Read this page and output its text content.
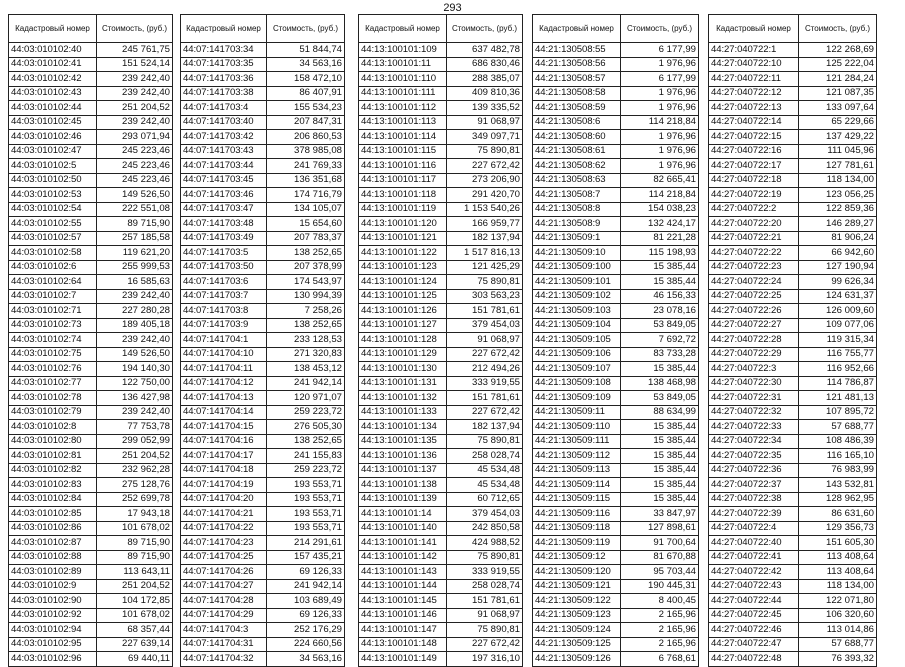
293
Кадастровый номер	Стоимость, (руб.)
44:03:010102:40	245 761,75
44:03:010102:41	151 524,14
44:03:010102:42	239 242,40
44:03:010102:43	239 242,40
44:03:010102:44	251 204,52
44:03:010102:45	239 242,40
44:03:010102:46	293 071,94
44:03:010102:47	245 223,46
44:03:010102:5	245 223,46
44:03:010102:50	245 223,46
44:03:010102:53	149 526,50
44:03:010102:54	222 551,08
44:03:010102:55	89 715,90
44:03:010102:57	257 185,58
44:03:010102:58	119 621,20
44:03:010102:6	255 999,53
44:03:010102:64	16 585,63
44:03:010102:7	239 242,40
44:03:010102:71	227 280,28
44:03:010102:73	189 405,18
44:03:010102:74	239 242,40
44:03:010102:75	149 526,50
44:03:010102:76	194 140,30
44:03:010102:77	122 750,00
44:03:010102:78	136 427,98
44:03:010102:79	239 242,40
44:03:010102:8	77 753,78
44:03:010102:80	299 052,99
44:03:010102:81	251 204,52
44:03:010102:82	232 962,28
44:03:010102:83	275 128,76
44:03:010102:84	252 699,78
44:03:010102:85	17 943,18
44:03:010102:86	101 678,02
44:03:010102:87	89 715,90
44:03:010102:88	89 715,90
44:03:010102:89	113 643,11
44:03:010102:9	251 204,52
44:03:010102:90	104 172,85
44:03:010102:92	101 678,02
44:03:010102:94	68 357,44
44:03:010102:95	227 639,14
44:03:010102:96	69 440,11
Кадастровый номер	Стоимость, (руб.)
44:07:141703:34	51 844,74
44:07:141703:35	34 563,16
44:07:141703:36	158 472,10
44:07:141703:38	86 407,91
44:07:141703:4	155 534,23
44:07:141703:40	207 847,31
44:07:141703:42	206 860,53
44:07:141703:43	378 985,08
44:07:141703:44	241 769,33
44:07:141703:45	136 351,68
44:07:141703:46	174 716,79
44:07:141703:47	134 105,07
44:07:141703:48	15 654,60
44:07:141703:49	207 783,37
44:07:141703:5	138 252,65
44:07:141703:50	207 378,99
44:07:141703:6	174 543,97
44:07:141703:7	130 994,39
44:07:141703:8	7 258,26
44:07:141703:9	138 252,65
44:07:141704:1	233 128,53
44:07:141704:10	271 320,83
44:07:141704:11	138 453,12
44:07:141704:12	241 942,14
44:07:141704:13	120 971,07
44:07:141704:14	259 223,72
44:07:141704:15	276 505,30
44:07:141704:16	138 252,65
44:07:141704:17	241 155,83
44:07:141704:18	259 223,72
44:07:141704:19	193 553,71
44:07:141704:20	193 553,71
44:07:141704:21	193 553,71
44:07:141704:22	193 553,71
44:07:141704:23	214 291,61
44:07:141704:25	157 435,21
44:07:141704:26	69 126,33
44:07:141704:27	241 942,14
44:07:141704:28	103 689,49
44:07:141704:29	69 126,33
44:07:141704:3	252 176,29
44:07:141704:31	224 660,56
44:07:141704:32	34 563,16
Кадастровый номер	Стоимость, (руб.)
44:13:100101:109	637 482,78
44:13:100101:11	686 830,46
44:13:100101:110	288 385,07
44:13:100101:111	409 810,36
44:13:100101:112	139 335,52
44:13:100101:113	91 068,97
44:13:100101:114	349 097,71
44:13:100101:115	75 890,81
44:13:100101:116	227 672,42
44:13:100101:117	273 206,90
44:13:100101:118	291 420,70
44:13:100101:119	1 153 540,26
44:13:100101:120	166 959,77
44:13:100101:121	182 137,94
44:13:100101:122	1 517 816,13
44:13:100101:123	121 425,29
44:13:100101:124	75 890,81
44:13:100101:125	303 563,23
44:13:100101:126	151 781,61
44:13:100101:127	379 454,03
44:13:100101:128	91 068,97
44:13:100101:129	227 672,42
44:13:100101:130	212 494,26
44:13:100101:131	333 919,55
44:13:100101:132	151 781,61
44:13:100101:133	227 672,42
44:13:100101:134	182 137,94
44:13:100101:135	75 890,81
44:13:100101:136	258 028,74
44:13:100101:137	45 534,48
44:13:100101:138	45 534,48
44:13:100101:139	60 712,65
44:13:100101:14	379 454,03
44:13:100101:140	242 850,58
44:13:100101:141	424 988,52
44:13:100101:142	75 890,81
44:13:100101:143	333 919,55
44:13:100101:144	258 028,74
44:13:100101:145	151 781,61
44:13:100101:146	91 068,97
44:13:100101:147	75 890,81
44:13:100101:148	227 672,42
44:13:100101:149	197 316,10
Кадастровый номер	Стоимость, (руб.)
44:21:130508:55	6 177,99
44:21:130508:56	1 976,96
44:21:130508:57	6 177,99
44:21:130508:58	1 976,96
44:21:130508:59	1 976,96
44:21:130508:6	114 218,84
44:21:130508:60	1 976,96
44:21:130508:61	1 976,96
44:21:130508:62	1 976,96
44:21:130508:63	82 665,41
44:21:130508:7	114 218,84
44:21:130508:8	154 038,23
44:21:130508:9	132 424,17
44:21:130509:1	81 221,28
44:21:130509:10	115 198,93
44:21:130509:100	15 385,44
44:21:130509:101	15 385,44
44:21:130509:102	46 156,33
44:21:130509:103	23 078,16
44:21:130509:104	53 849,05
44:21:130509:105	7 692,72
44:21:130509:106	83 733,28
44:21:130509:107	15 385,44
44:21:130509:108	138 468,98
44:21:130509:109	53 849,05
44:21:130509:11	88 634,99
44:21:130509:110	15 385,44
44:21:130509:111	15 385,44
44:21:130509:112	15 385,44
44:21:130509:113	15 385,44
44:21:130509:114	15 385,44
44:21:130509:115	15 385,44
44:21:130509:116	33 847,97
44:21:130509:118	127 898,61
44:21:130509:119	91 700,64
44:21:130509:12	81 670,88
44:21:130509:120	95 703,44
44:21:130509:121	190 445,31
44:21:130509:122	8 400,45
44:21:130509:123	2 165,96
44:21:130509:124	2 165,96
44:21:130509:125	2 165,96
44:21:130509:126	6 768,61
Кадастровый номер	Стоимость, (руб.)
44:27:040722:1	122 268,69
44:27:040722:10	125 222,04
44:27:040722:11	121 284,24
44:27:040722:12	121 087,35
44:27:040722:13	133 097,64
44:27:040722:14	65 229,66
44:27:040722:15	137 429,22
44:27:040722:16	111 045,96
44:27:040722:17	127 781,61
44:27:040722:18	118 134,00
44:27:040722:19	123 056,25
44:27:040722:2	122 859,36
44:27:040722:20	146 289,27
44:27:040722:21	81 906,24
44:27:040722:22	66 942,60
44:27:040722:23	127 190,94
44:27:040722:24	99 626,34
44:27:040722:25	124 631,37
44:27:040722:26	126 009,60
44:27:040722:27	109 077,06
44:27:040722:28	119 315,34
44:27:040722:29	116 755,77
44:27:040722:3	116 952,66
44:27:040722:30	114 786,87
44:27:040722:31	121 481,13
44:27:040722:32	107 895,72
44:27:040722:33	57 688,77
44:27:040722:34	108 486,39
44:27:040722:35	116 165,10
44:27:040722:36	76 983,99
44:27:040722:37	143 532,81
44:27:040722:38	128 962,95
44:27:040722:39	86 631,60
44:27:040722:4	129 356,73
44:27:040722:40	151 605,30
44:27:040722:41	113 408,64
44:27:040722:42	113 408,64
44:27:040722:43	118 134,00
44:27:040722:44	122 071,80
44:27:040722:45	106 320,60
44:27:040722:46	113 014,86
44:27:040722:47	57 688,77
44:27:040722:48	76 393,32
